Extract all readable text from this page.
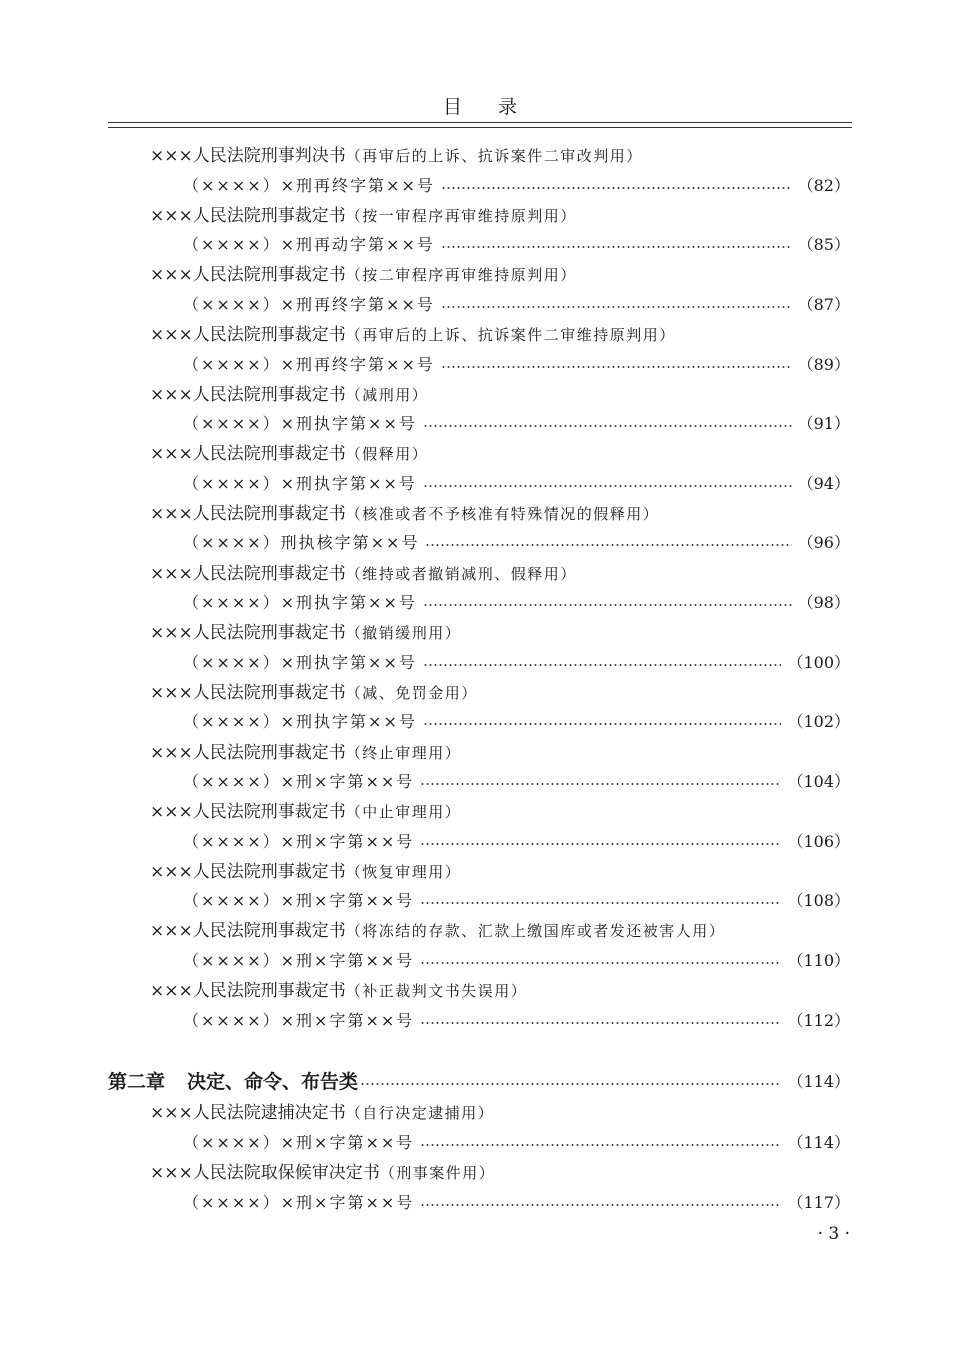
目 录
×××人民法院刑事判决书（再审后的上诉、抗诉案件二审改判用）
（××××）×刑再终字第××号	（82）
×××人民法院刑事裁定书（按一审程序再审维持原判用）
（××××）×刑再动字第××号	（85）
×××人民法院刑事裁定书（按二审程序再审维持原判用）
（××××）×刑再终字第××号	（87）
×××人民法院刑事裁定书（再审后的上诉、抗诉案件二审维持原判用）
（××××）×刑再终字第××号	（89）
×××人民法院刑事裁定书（减刑用）
（××××）×刑执字第××号	（91）
×××人民法院刑事裁定书（假释用）
（××××）×刑执字第××号	（94）
×××人民法院刑事裁定书（核准或者不予核准有特殊情况的假释用）
（××××）刑执核字第××号	（96）
×××人民法院刑事裁定书（维持或者撤销减刑、假释用）
（××××）×刑执字第××号	（98）
×××人民法院刑事裁定书（撤销缓刑用）
（××××）×刑执字第××号	（100）
×××人民法院刑事裁定书（减、免罚金用）
（××××）×刑执字第××号	（102）
×××人民法院刑事裁定书（终止审理用）
（××××）×刑×字第××号	（104）
×××人民法院刑事裁定书（中止审理用）
（××××）×刑×字第××号	（106）
×××人民法院刑事裁定书（恢复审理用）
（××××）×刑×字第××号	（108）
×××人民法院刑事裁定书（将冻结的存款、汇款上缴国库或者发还被害人用）
（××××）×刑×字第××号	（110）
×××人民法院刑事裁定书（补正裁判文书失误用）
（××××）×刑×字第××号	（112）
第二章 决定、命令、布告类	（114）
×××人民法院逮捕决定书（自行决定逮捕用）
（××××）×刑×字第××号	（114）
×××人民法院取保候审决定书（刑事案件用）
（××××）×刑×字第××号	（117）
· 3 ·
